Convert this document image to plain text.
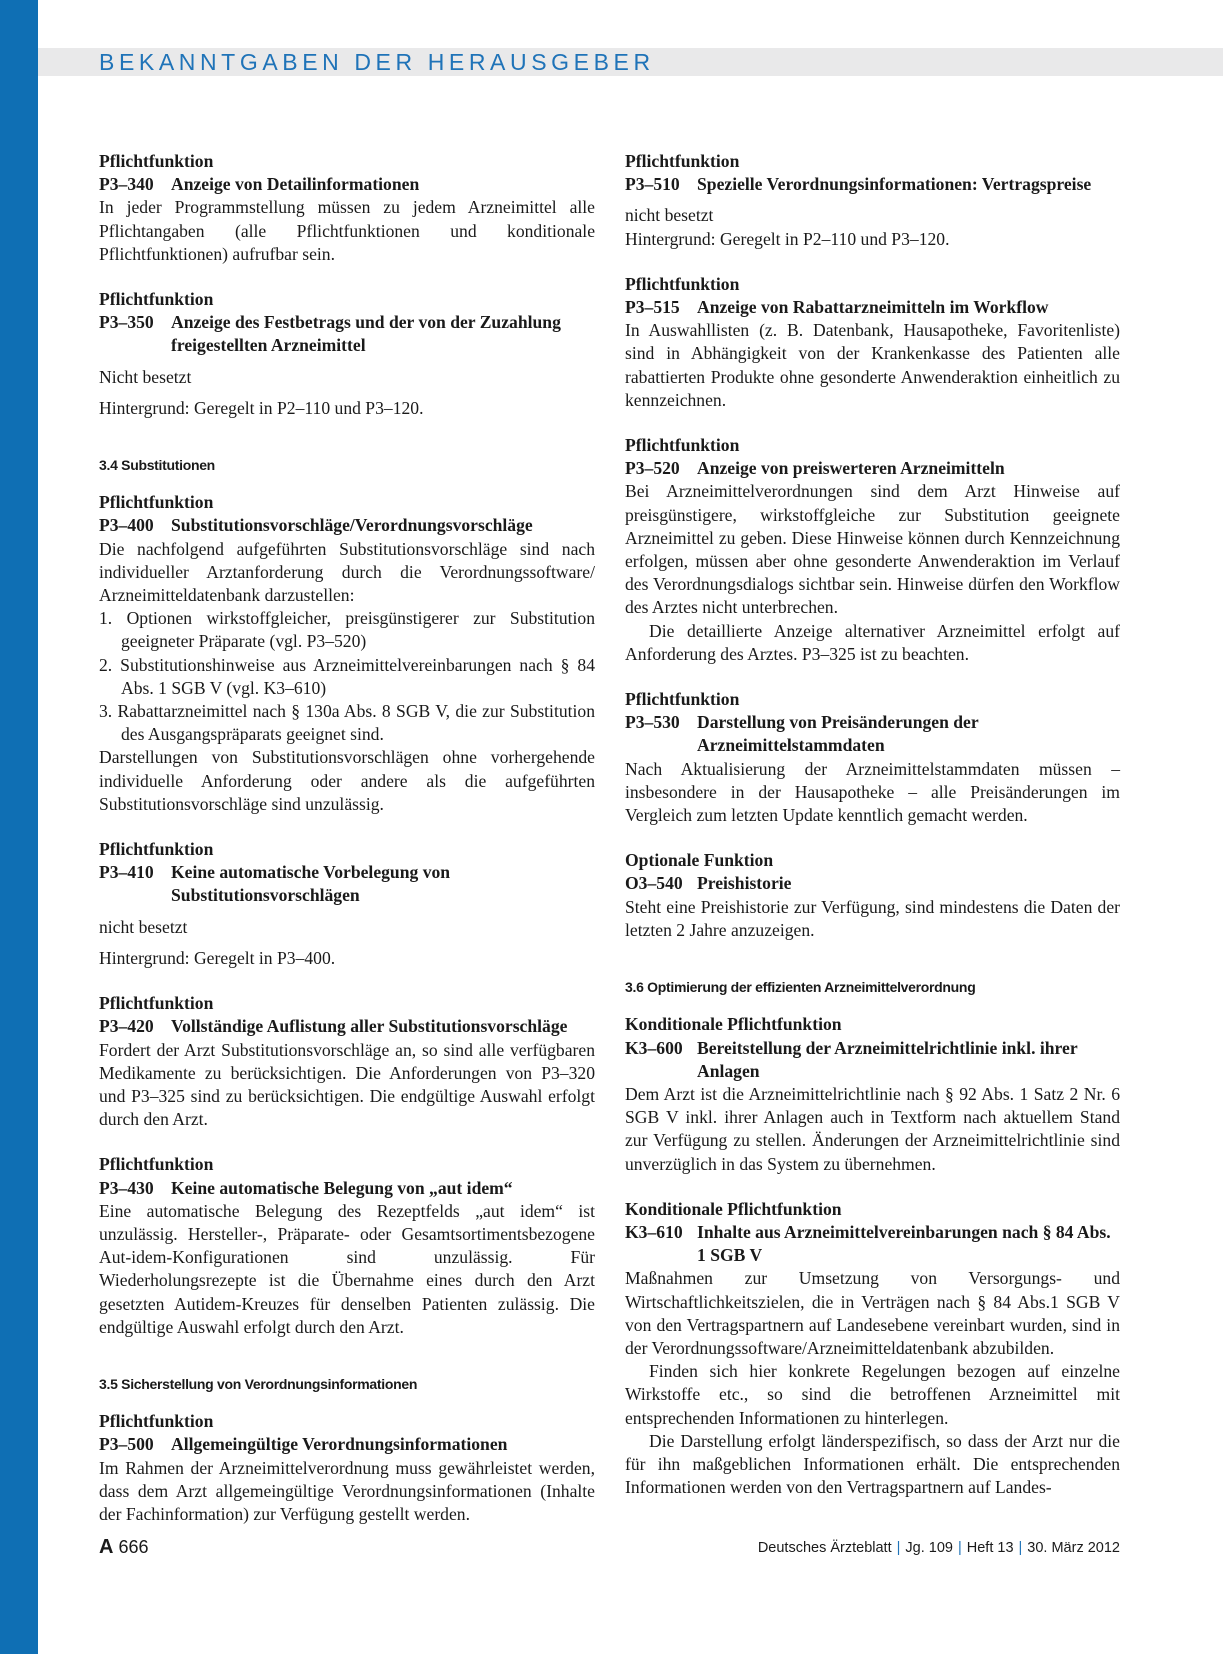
BEKANNTGABEN DER HERAUSGEBER
Pflichtfunktion
P3–340 Anzeige von Detailinformationen
In jeder Programmstellung müssen zu jedem Arzneimittel alle Pflichtangaben (alle Pflichtfunktionen und konditionale Pflichtfunktionen) aufrufbar sein.
Pflichtfunktion
P3–350 Anzeige des Festbetrags und der von der Zuzahlung freigestellten Arzneimittel
Nicht besetzt
Hintergrund: Geregelt in P2–110 und P3–120.
3.4 Substitutionen
Pflichtfunktion
P3–400 Substitutionsvorschläge/Verordnungsvorschläge
Die nachfolgend aufgeführten Substitutionsvorschläge sind nach individueller Arztanforderung durch die Verordnungssoftware/ Arzneimitteldatenbank darzustellen:
1. Optionen wirkstoffgleicher, preisgünstigerer zur Substitution geeigneter Präparate (vgl. P3–520)
2. Substitutionshinweise aus Arzneimittelvereinbarungen nach § 84 Abs. 1 SGB V (vgl. K3–610)
3. Rabattarzneimittel nach § 130a Abs. 8 SGB V, die zur Substitution des Ausgangspräparats geeignet sind.
Darstellungen von Substitutionsvorschlägen ohne vorhergehende individuelle Anforderung oder andere als die aufgeführten Substitutionsvorschläge sind unzulässig.
Pflichtfunktion
P3–410 Keine automatische Vorbelegung von Substitutionsvorschlägen
nicht besetzt
Hintergrund: Geregelt in P3–400.
Pflichtfunktion
P3–420 Vollständige Auflistung aller Substitutionsvorschläge
Fordert der Arzt Substitutionsvorschläge an, so sind alle verfügbaren Medikamente zu berücksichtigen. Die Anforderungen von P3–320 und P3–325 sind zu berücksichtigen. Die endgültige Auswahl erfolgt durch den Arzt.
Pflichtfunktion
P3–430 Keine automatische Belegung von „aut idem“
Eine automatische Belegung des Rezeptfelds „aut idem“ ist unzulässig. Hersteller-, Präparate- oder Gesamtsortimentsbezogene Aut-idem-Konfigurationen sind unzulässig. Für Wiederholungsrezepte ist die Übernahme eines durch den Arzt gesetzten Autidem-Kreuzes für denselben Patienten zulässig. Die endgültige Auswahl erfolgt durch den Arzt.
3.5 Sicherstellung von Verordnungsinformationen
Pflichtfunktion
P3–500 Allgemeingültige Verordnungsinformationen
Im Rahmen der Arzneimittelverordnung muss gewährleistet werden, dass dem Arzt allgemeingültige Verordnungsinformationen (Inhalte der Fachinformation) zur Verfügung gestellt werden.
Pflichtfunktion
P3–510 Spezielle Verordnungsinformationen: Vertragspreise
nicht besetzt
Hintergrund: Geregelt in P2–110 und P3–120.
Pflichtfunktion
P3–515 Anzeige von Rabattarzneimitteln im Workflow
In Auswahllisten (z. B. Datenbank, Hausapotheke, Favoritenliste) sind in Abhängigkeit von der Krankenkasse des Patienten alle rabattierten Produkte ohne gesonderte Anwenderaktion einheitlich zu kennzeichnen.
Pflichtfunktion
P3–520 Anzeige von preiswerteren Arzneimitteln
Bei Arzneimittelverordnungen sind dem Arzt Hinweise auf preisgünstigere, wirkstoffgleiche zur Substitution geeignete Arzneimittel zu geben. Diese Hinweise können durch Kennzeichnung erfolgen, müssen aber ohne gesonderte Anwenderaktion im Verlauf des Verordnungsdialogs sichtbar sein. Hinweise dürfen den Workflow des Arztes nicht unterbrechen.
Die detaillierte Anzeige alternativer Arzneimittel erfolgt auf Anforderung des Arztes. P3–325 ist zu beachten.
Pflichtfunktion
P3–530 Darstellung von Preisänderungen der Arzneimittelstammdaten
Nach Aktualisierung der Arzneimittelstammdaten müssen – insbesondere in der Hausapotheke – alle Preisänderungen im Vergleich zum letzten Update kenntlich gemacht werden.
Optionale Funktion
O3–540 Preishistorie
Steht eine Preishistorie zur Verfügung, sind mindestens die Daten der letzten 2 Jahre anzuzeigen.
3.6 Optimierung der effizienten Arzneimittelverordnung
Konditionale Pflichtfunktion
K3–600 Bereitstellung der Arzneimittelrichtlinie inkl. ihrer Anlagen
Dem Arzt ist die Arzneimittelrichtlinie nach § 92 Abs. 1 Satz 2 Nr. 6 SGB V inkl. ihrer Anlagen auch in Textform nach aktuellem Stand zur Verfügung zu stellen. Änderungen der Arzneimittelrichtlinie sind unverzüglich in das System zu übernehmen.
Konditionale Pflichtfunktion
K3–610 Inhalte aus Arzneimittelvereinbarungen nach § 84 Abs. 1 SGB V
Maßnahmen zur Umsetzung von Versorgungs- und Wirtschaftlichkeitszielen, die in Verträgen nach § 84 Abs.1 SGB V von den Vertragspartnern auf Landesebene vereinbart wurden, sind in der Verordnungssoftware/Arzneimitteldatenbank abzubilden.
Finden sich hier konkrete Regelungen bezogen auf einzelne Wirkstoffe etc., so sind die betroffenen Arzneimittel mit entsprechenden Informationen zu hinterlegen.
Die Darstellung erfolgt länderspezifisch, so dass der Arzt nur die für ihn maßgeblichen Informationen erhält. Die entsprechenden Informationen werden von den Vertragspartnern auf Landes-
A 666	Deutsches Ärzteblatt | Jg. 109 | Heft 13 | 30. März 2012
